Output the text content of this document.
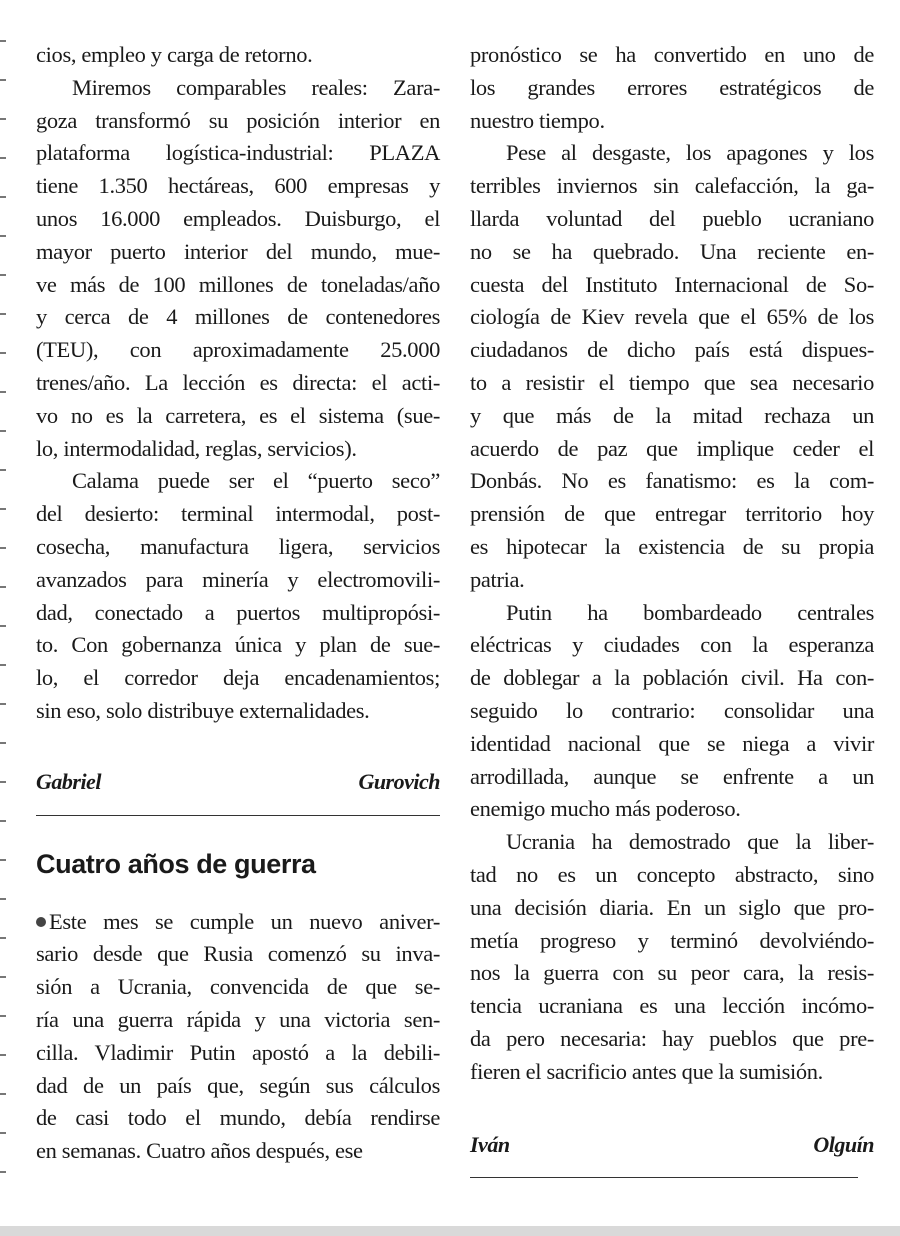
cios, empleo y carga de retorno.
Miremos comparables reales: Zara-
goza transformó su posición interior en
plataforma logística-industrial: PLAZA
tiene 1.350 hectáreas, 600 empresas y
unos 16.000 empleados. Duisburgo, el
mayor puerto interior del mundo, mue-
ve más de 100 millones de toneladas/año
y cerca de 4 millones de contenedores
(TEU), con aproximadamente 25.000
trenes/año. La lección es directa: el acti-
vo no es la carretera, es el sistema (sue-
lo, intermodalidad, reglas, servicios).
Calama puede ser el “puerto seco”
del desierto: terminal intermodal, post-
cosecha, manufactura ligera, servicios
avanzados para minería y electromovili-
dad, conectado a puertos multipropósi-
to. Con gobernanza única y plan de sue-
lo, el corredor deja encadenamientos;
sin eso, solo distribuye externalidades.
Gabriel Gurovich
Cuatro años de guerra
Este mes se cumple un nuevo aniver-
sario desde que Rusia comenzó su inva-
sión a Ucrania, convencida de que se-
ría una guerra rápida y una victoria sen-
cilla. Vladimir Putin apostó a la debili-
dad de un país que, según sus cálculos
de casi todo el mundo, debía rendirse
en semanas. Cuatro años después, ese
pronóstico se ha convertido en uno de
los grandes errores estratégicos de
nuestro tiempo.
Pese al desgaste, los apagones y los
terribles inviernos sin calefacción, la ga-
llarda voluntad del pueblo ucraniano
no se ha quebrado. Una reciente en-
cuesta del Instituto Internacional de So-
ciología de Kiev revela que el 65% de los
ciudadanos de dicho país está dispues-
to a resistir el tiempo que sea necesario
y que más de la mitad rechaza un
acuerdo de paz que implique ceder el
Donbás. No es fanatismo: es la com-
prensión de que entregar territorio hoy
es hipotecar la existencia de su propia
patria.
Putin ha bombardeado centrales
eléctricas y ciudades con la esperanza
de doblegar a la población civil. Ha con-
seguido lo contrario: consolidar una
identidad nacional que se niega a vivir
arrodillada, aunque se enfrente a un
enemigo mucho más poderoso.
Ucrania ha demostrado que la liber-
tad no es un concepto abstracto, sino
una decisión diaria. En un siglo que pro-
metía progreso y terminó devolviéndo-
nos la guerra con su peor cara, la resis-
tencia ucraniana es una lección incómo-
da pero necesaria: hay pueblos que pre-
fieren el sacrificio antes que la sumisión.
Iván Olguín
